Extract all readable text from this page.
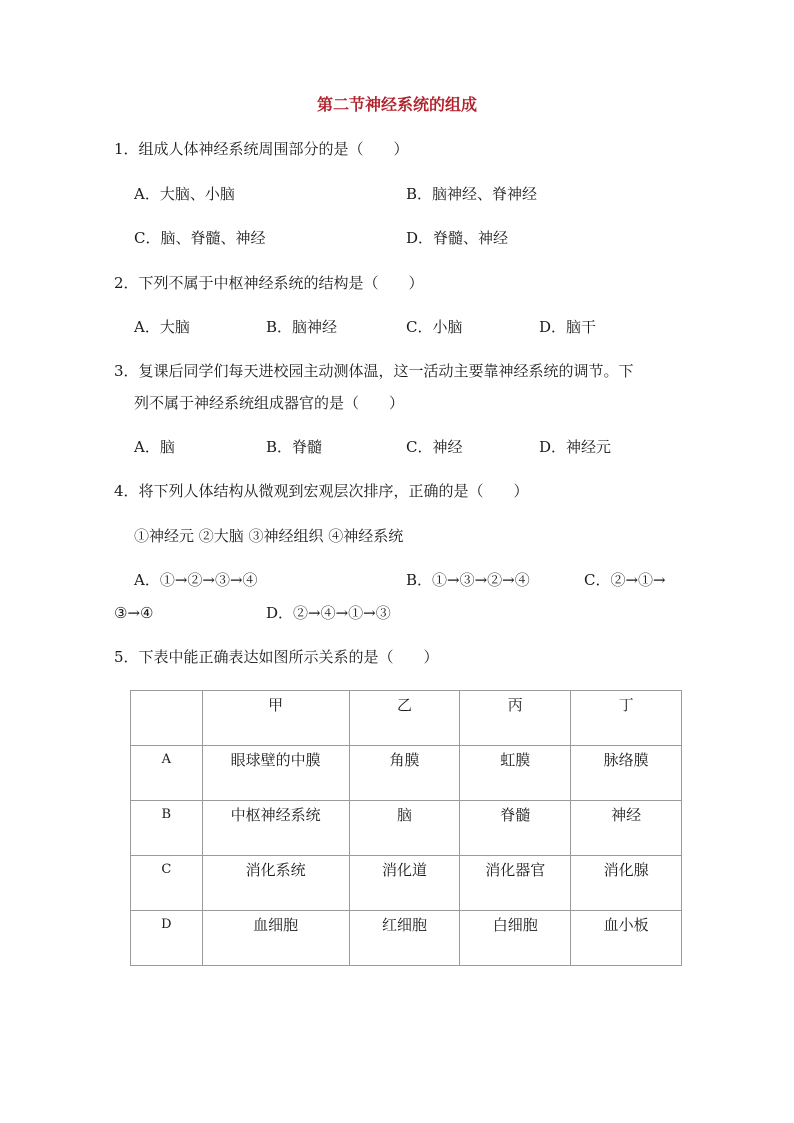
第二节神经系统的组成
1．组成人体神经系统周围部分的是（　　）
A．大脑、小脑	B．脑神经、脊神经
C．脑、脊髓、神经	D．脊髓、神经
2．下列不属于中枢神经系统的结构是（　　）
A．大脑	B．脑神经	C．小脑	D．脑干
3．复课后同学们每天进校园主动测体温，这一活动主要靠神经系统的调节。下
列不属于神经系统组成器官的是（　　）
A．脑	B．脊髓	C．神经	D．神经元
4．将下列人体结构从微观到宏观层次排序，正确的是（　　）
①神经元 ②大脑 ③神经组织 ④神经系统
A．①→②→③→④	B．①→③→②→④	C．②→①→
③→④	D．②→④→①→③
5．下表中能正确表达如图所示关系的是（　　）
	甲	乙	丙	丁
A	眼球壁的中膜	角膜	虹膜	脉络膜
B	中枢神经系统	脑	脊髓	神经
C	消化系统	消化道	消化器官	消化腺
D	血细胞	红细胞	白细胞	血小板
